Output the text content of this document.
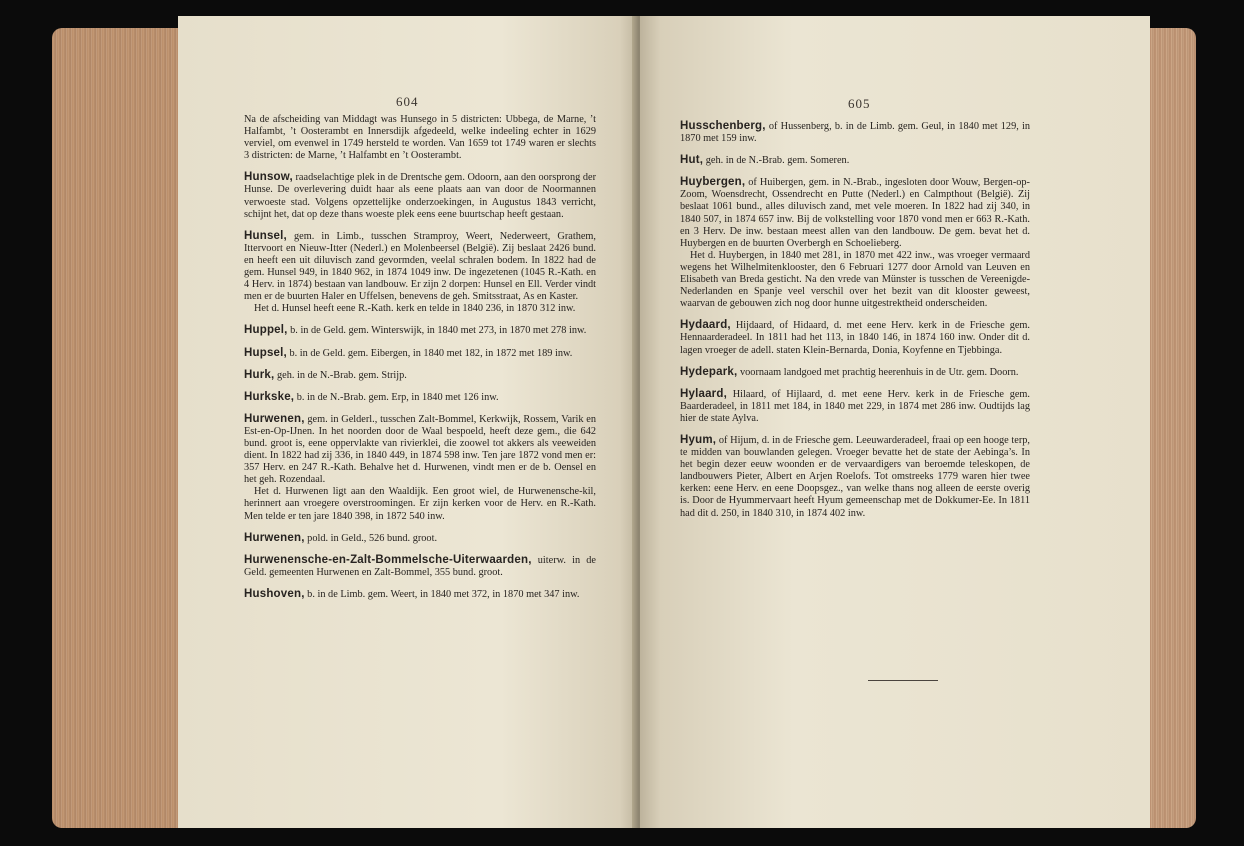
604

Na de afscheiding van Middagt was Hunsego in 5 districten: Ubbega, de Marne, ’t Halfambt, ’t Oosterambt en Innersdijk afgedeeld, welke indeeling echter in 1629 verviel, om evenwel in 1749 hersteld te worden. Van 1659 tot 1749 waren er slechts 3 districten: de Marne, ’t Halfambt en ’t Oosterambt.

Hunsow, raadselachtige plek in de Drentsche gem. Odoorn, aan den oorsprong der Hunse. De overlevering duidt haar als eene plaats aan van door de Noormannen verwoeste stad. Volgens opzettelijke onderzoekingen, in Augustus 1843 verricht, schijnt het, dat op deze thans woeste plek eens eene buurtschap heeft gestaan.

Hunsel, gem. in Limb., tusschen Stramproy, Weert, Nederweert, Grathem, Ittervoort en Nieuw-Itter (Nederl.) en Molenbeersel (België). Zij beslaat 2426 bund. en heeft een uit diluvisch zand gevormden, veelal schralen bodem. In 1822 had de gem. Hunsel 949, in 1840 962, in 1874 1049 inw. De ingezetenen (1045 R.-Kath. en 4 Herv. in 1874) bestaan van landbouw. Er zijn 2 dorpen: Hunsel en Ell. Verder vindt men er de buurten Haler en Uffelsen, benevens de geh. Smitsstraat, As en Kaster.

Het d. Hunsel heeft eene R.-Kath. kerk en telde in 1840 236, in 1870 312 inw.

Huppel, b. in de Geld. gem. Winterswijk, in 1840 met 273, in 1870 met 278 inw.

Hupsel, b. in de Geld. gem. Eibergen, in 1840 met 182, in 1872 met 189 inw.

Hurk, geh. in de N.-Brab. gem. Strijp.

Hurkske, b. in de N.-Brab. gem. Erp, in 1840 met 126 inw.

Hurwenen, gem. in Gelderl., tusschen Zalt-Bommel, Kerkwijk, Rossem, Varik en Est-en-Op-IJnen. In het noorden door de Waal bespoeld, heeft deze gem., die 642 bund. groot is, eene oppervlakte van rivierklei, die zoowel tot akkers als veeweiden dient. In 1822 had zij 336, in 1840 449, in 1874 598 inw. Ten jare 1872 vond men er: 357 Herv. en 247 R.-Kath. Behalve het d. Hurwenen, vindt men er de b. Oensel en het geh. Rozendaal.

Het d. Hurwenen ligt aan den Waaldijk. Een groot wiel, de Hurwenensche-kil, herinnert aan vroegere overstroomingen. Er zijn kerken voor de Herv. en R.-Kath. Men telde er ten jare 1840 398, in 1872 540 inw.

Hurwenen, pold. in Geld., 526 bund. groot.

Hurwenensche-en-Zalt-Bommelsche-Uiterwaarden, uiterw. in de Geld. gemeenten Hurwenen en Zalt-Bommel, 355 bund. groot.

Hushoven, b. in de Limb. gem. Weert, in 1840 met 372, in 1870 met 347 inw.

605

Husschenberg, of Hussenberg, b. in de Limb. gem. Geul, in 1840 met 129, in 1870 met 159 inw.

Hut, geh. in de N.-Brab. gem. Someren.

Huybergen, of Huibergen, gem. in N.-Brab., ingesloten door Wouw, Bergen-op-Zoom, Woensdrecht, Ossendrecht en Putte (Nederl.) en Calmpthout (België). Zij beslaat 1061 bund., alles diluvisch zand, met vele moeren. In 1822 had zij 340, in 1840 507, in 1874 657 inw. Bij de volkstelling voor 1870 vond men er 663 R.-Kath. en 3 Herv. De inw. bestaan meest allen van den landbouw. De gem. bevat het d. Huybergen en de buurten Overbergh en Schoelieberg.

Het d. Huybergen, in 1840 met 281, in 1870 met 422 inw., was vroeger vermaard wegens het Wilhelmitenklooster, den 6 Februari 1277 door Arnold van Leuven en Elisabeth van Breda gesticht. Na den vrede van Münster is tusschen de Vereenigde-Nederlanden en Spanje veel verschil over het bezit van dit klooster geweest, waarvan de gebouwen zich nog door hunne uitgestrektheid onderscheiden.

Hydaard, Hijdaard, of Hidaard, d. met eene Herv. kerk in de Friesche gem. Hennaarderadeel. In 1811 had het 113, in 1840 146, in 1874 160 inw. Onder dit d. lagen vroeger de adell. staten Klein-Bernarda, Donia, Koyfenne en Tjebbinga.

Hydepark, voornaam landgoed met prachtig heerenhuis in de Utr. gem. Doorn.

Hylaard, Hilaard, of Hijlaard, d. met eene Herv. kerk in de Friesche gem. Baarderadeel, in 1811 met 184, in 1840 met 229, in 1874 met 286 inw. Oudtijds lag hier de state Aylva.

Hyum, of Hijum, d. in de Friesche gem. Leeuwarderadeel, fraai op een hooge terp, te midden van bouwlanden gelegen. Vroeger bevatte het de state der Aebinga’s. In het begin dezer eeuw woonden er de vervaardigers van beroemde teleskopen, de landbouwers Pieter, Albert en Arjen Roelofs. Tot omstreeks 1779 waren hier twee kerken: eene Herv. en eene Doopsgez., van welke thans nog alleen de eerste overig is. Door de Hyummervaart heeft Hyum gemeenschap met de Dokkumer-Ee. In 1811 had dit d. 250, in 1840 310, in 1874 402 inw.
